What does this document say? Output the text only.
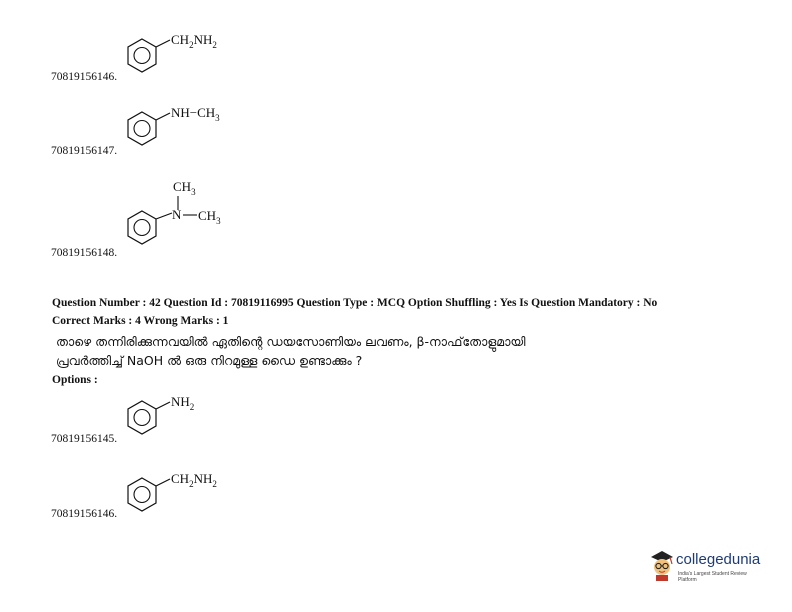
$CH_2NH_2$
70819156146.
$NH-CH_3$
70819156147.
$CH_3$
N $CH_3$
70819156148.
Question Number : 42 Question Id : 70819116995 Question Type : MCQ Option Shuffling : Yes Is Question Mandatory : No
Correct Marks : 4 Wrong Marks : 1
താഴെ തന്നിരിക്കുന്നവയിൽ ഏതിന്റെ ഡയസോണിയം ലവണം, β-നാഫ്‌തോളുമായി
പ്രവർത്തിച്ച് NaOH ൽ ഒരു നിറമുള്ള ഡൈ ഉണ്ടാക്കും ?
Options :
$NH_2$
70819156145.
$CH_2NH_2$
70819156146.
collegedunia
India's Largest Student Review Platform
